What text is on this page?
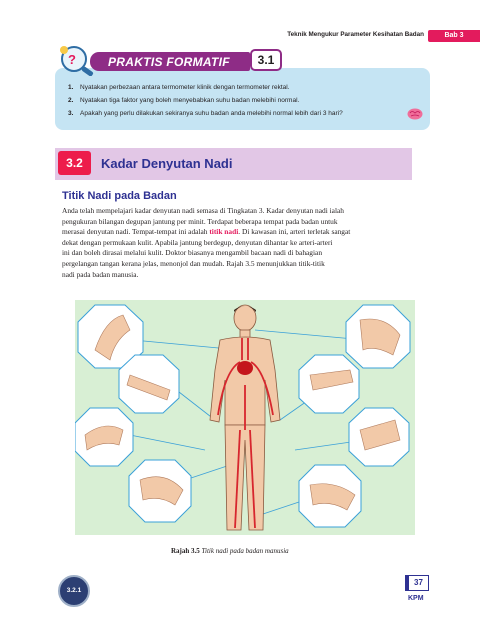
Teknik Mengukur Parameter Kesihatan Badan	Bab 3
?	PRAKTIS FORMATIF	3.1
1. Nyatakan perbezaan antara termometer klinik dengan termometer rektal.
2. Nyatakan tiga faktor yang boleh menyebabkan suhu badan melebihi normal.
3. Apakah yang perlu dilakukan sekiranya suhu badan anda melebihi normal lebih dari 3 hari?
3.2	Kadar Denyutan Nadi
Titik Nadi pada Badan
Anda telah mempelajari kadar denyutan nadi semasa di Tingkatan 3. Kadar denyutan nadi ialah
pengukuran bilangan degupan jantung per minit. Terdapat beberapa tempat pada badan untuk
merasai denyutan nadi. Tempat-tempat ini adalah titik nadi. Di kawasan ini, arteri terletak sangat
dekat dengan permukaan kulit. Apabila jantung berdegup, denyutan dihantar ke arteri-arteri
ini dan boleh dirasai melalui kulit. Doktor biasanya mengambil bacaan nadi di bahagian
pergelangan tangan kerana jelas, menonjol dan mudah. Rajah 3.5 menunjukkan titik-titik
nadi pada badan manusia.
Rajah 3.5 Titik nadi pada badan manusia
3.2.1
37
KPM
